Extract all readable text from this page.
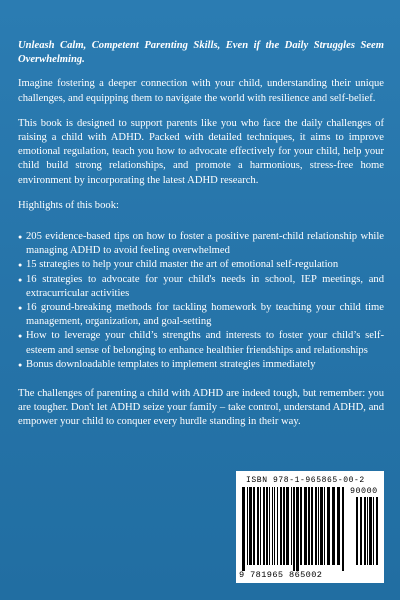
Unleash Calm, Competent Parenting Skills, Even if the Daily Struggles Seem Overwhelming.

Imagine fostering a deeper connection with your child, understanding their unique challenges, and equipping them to navigate the world with resilience and self-belief.

This book is designed to support parents like you who face the daily challenges of raising a child with ADHD. Packed with detailed techniques, it aims to improve emotional regulation, teach you how to advocate effectively for your child, help your child build strong relationships, and promote a harmonious, stress-free home environment by incorporating the latest ADHD research.

Highlights of this book:

● 205 evidence-based tips on how to foster a positive parent-child relationship while managing ADHD to avoid feeling overwhelmed
● 15 strategies to help your child master the art of emotional self-regulation
● 16 strategies to advocate for your child's needs in school, IEP meetings, and extracurricular activities
● 16 ground-breaking methods for tackling homework by teaching your child time management, organization, and goal-setting
● How to leverage your child’s strengths and interests to foster your child’s self-esteem and sense of belonging to enhance healthier friendships and relationships
● Bonus downloadable templates to implement strategies immediately

The challenges of parenting a child with ADHD are indeed tough, but remember: you are tougher. Don't let ADHD seize your family – take control, understand ADHD, and empower your child to conquer every hurdle standing in their way.

ISBN 978-1-965865-00-2
90000
9 781965 865002
